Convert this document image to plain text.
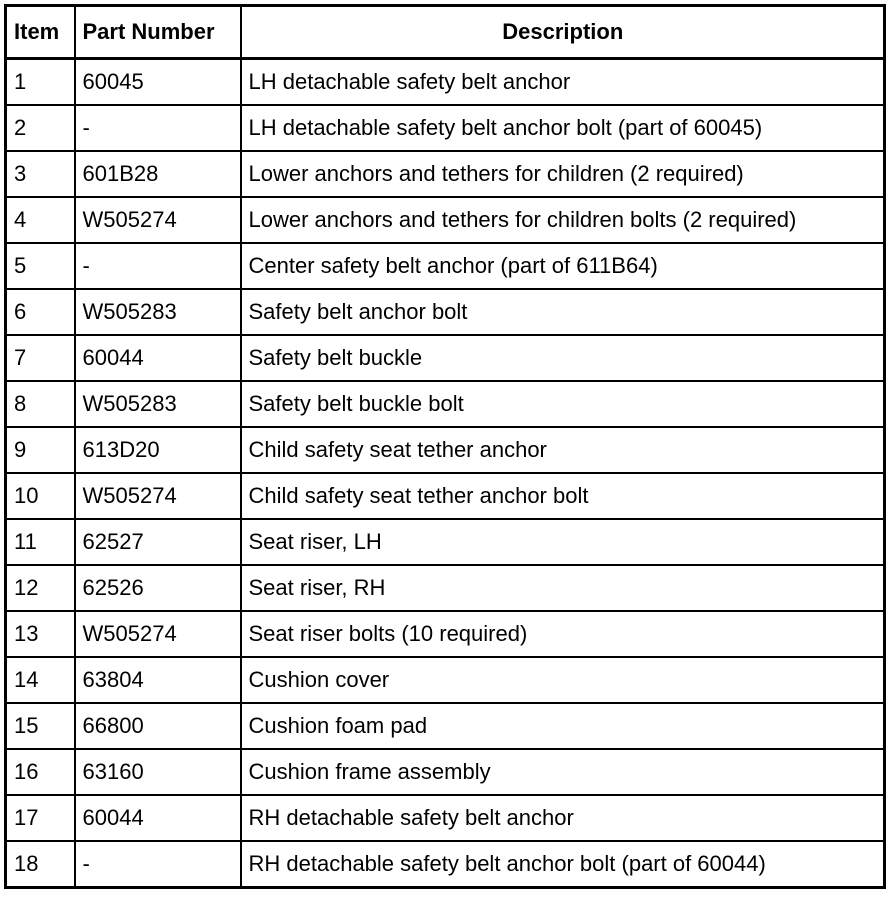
Item	Part Number	Description
1	60045	LH detachable safety belt anchor
2	-	LH detachable safety belt anchor bolt (part of 60045)
3	601B28	Lower anchors and tethers for children (2 required)
4	W505274	Lower anchors and tethers for children bolts (2 required)
5	-	Center safety belt anchor (part of 611B64)
6	W505283	Safety belt anchor bolt
7	60044	Safety belt buckle
8	W505283	Safety belt buckle bolt
9	613D20	Child safety seat tether anchor
10	W505274	Child safety seat tether anchor bolt
11	62527	Seat riser, LH
12	62526	Seat riser, RH
13	W505274	Seat riser bolts (10 required)
14	63804	Cushion cover
15	66800	Cushion foam pad
16	63160	Cushion frame assembly
17	60044	RH detachable safety belt anchor
18	-	RH detachable safety belt anchor bolt (part of 60044)
